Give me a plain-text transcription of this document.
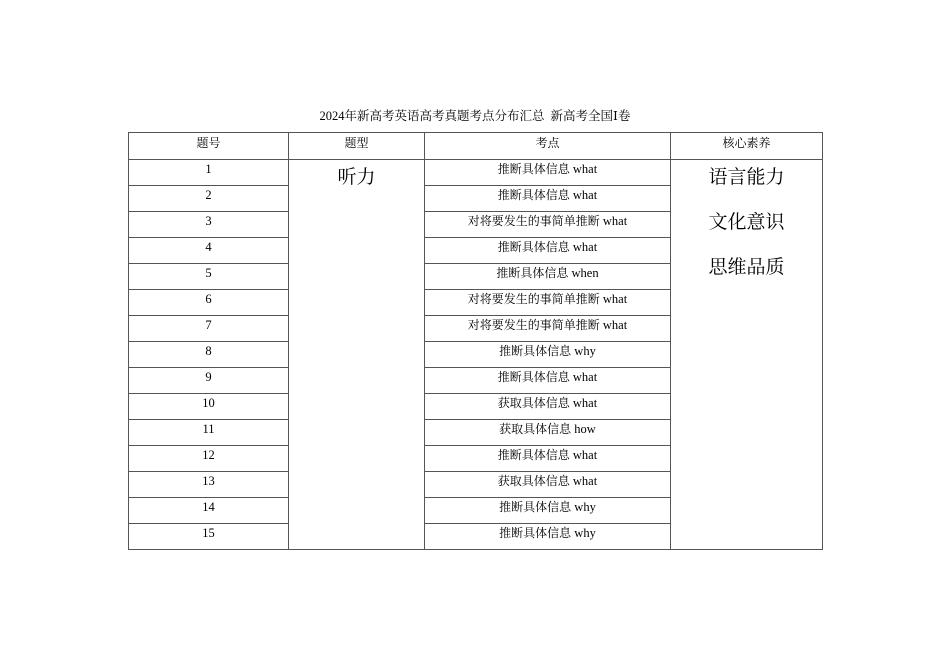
2024年新高考英语高考真题考点分布汇总 新高考全国Ⅰ卷
题号	题型	考点	核心素养
1	听力	推断具体信息 what	语言能力
文化意识
思维品质

2		推断具体信息 what	
3		对将要发生的事简单推断 what	
4		推断具体信息 what	
5		推断具体信息 when	
6		对将要发生的事简单推断 what	
7		对将要发生的事简单推断 what	
8		推断具体信息 why	
9		推断具体信息 what	
10		获取具体信息 what	
11		获取具体信息 how	
12		推断具体信息 what	
13		获取具体信息 what	
14		推断具体信息 why	
15		推断具体信息 why	
